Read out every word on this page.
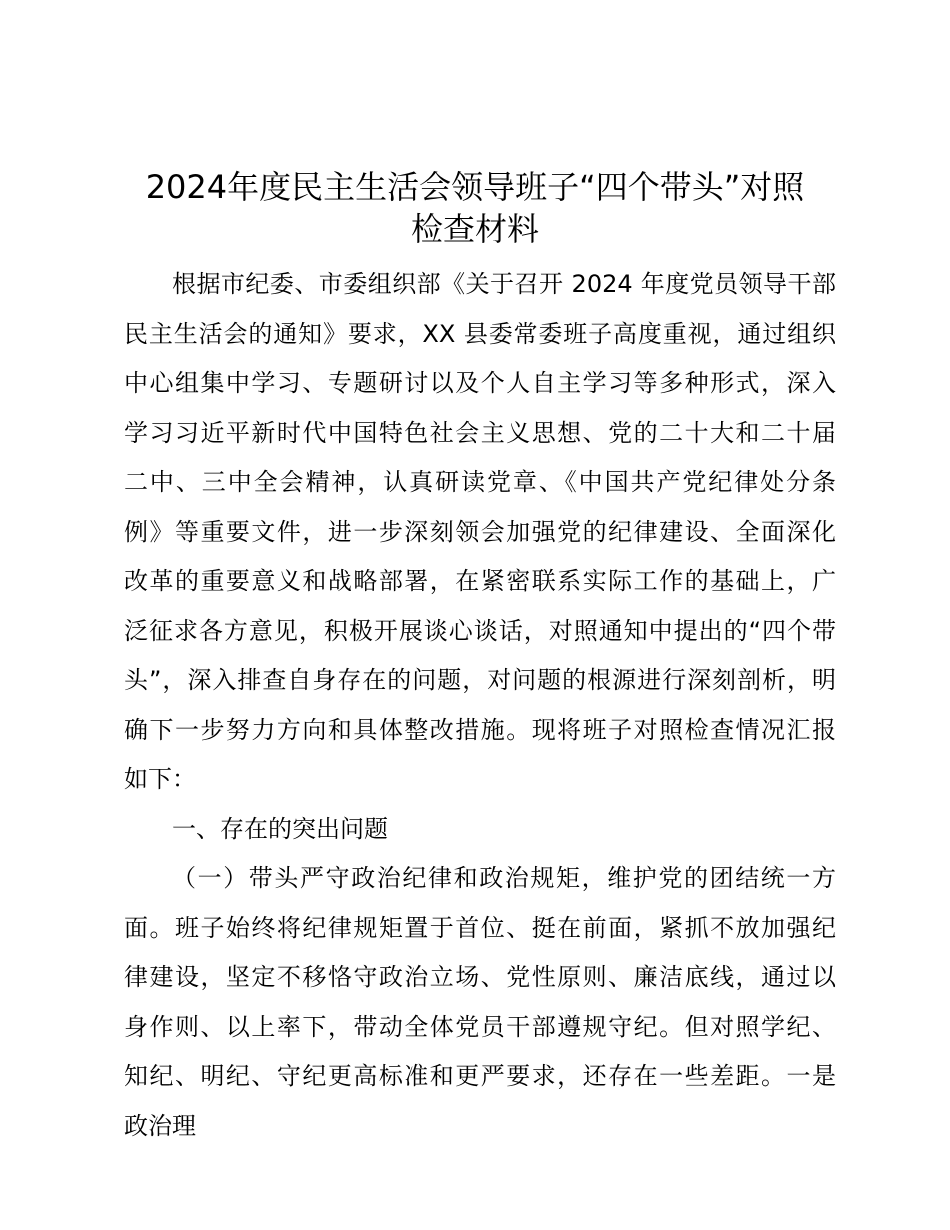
2024年度民主生活会领导班子“四个带头”对照
检查材料

根据市纪委、市委组织部《关于召开 2024 年度党员领导干部
民主生活会的通知》要求，XX 县委常委班子高度重视，通过组织
中心组集中学习、专题研讨以及个人自主学习等多种形式，深入
学习习近平新时代中国特色社会主义思想、党的二十大和二十届
二中、三中全会精神，认真研读党章、《中国共产党纪律处分条
例》等重要文件，进一步深刻领会加强党的纪律建设、全面深化
改革的重要意义和战略部署，在紧密联系实际工作的基础上，广
泛征求各方意见，积极开展谈心谈话，对照通知中提出的“四个带
头”，深入排查自身存在的问题，对问题的根源进行深刻剖析，明
确下一步努力方向和具体整改措施。现将班子对照检查情况汇报
如下：

一、存在的突出问题

（一）带头严守政治纪律和政治规矩，维护党的团结统一方
面。班子始终将纪律规矩置于首位、挺在前面，紧抓不放加强纪
律建设，坚定不移恪守政治立场、党性原则、廉洁底线，通过以
身作则、以上率下，带动全体党员干部遵规守纪。但对照学纪、
知纪、明纪、守纪更高标准和更严要求，还存在一些差距。一是
政治理
